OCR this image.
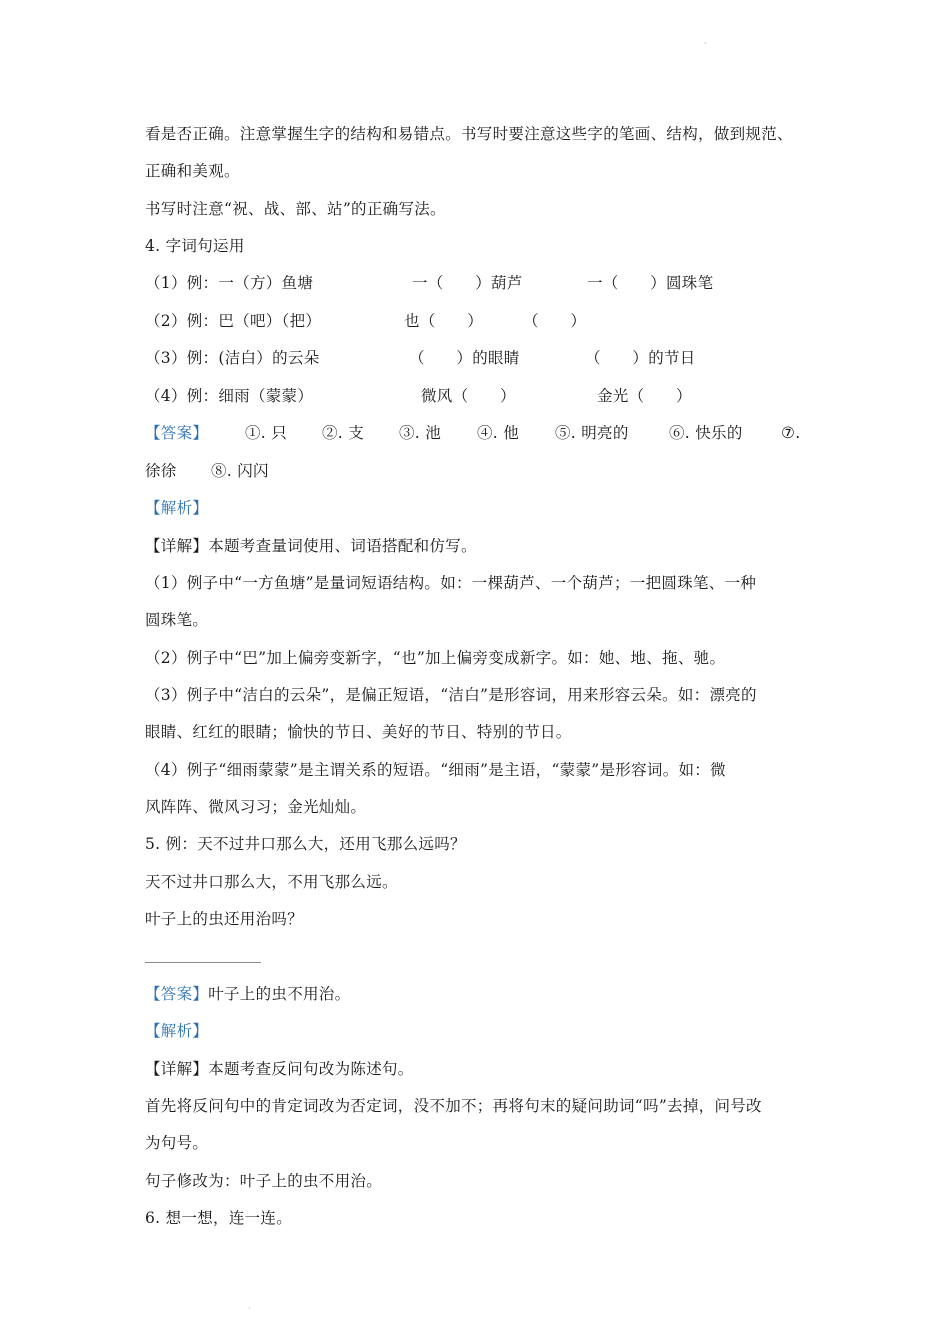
·
看是否正确。注意掌握生字的结构和易错点。书写时要注意这些字的笔画、结构，做到规范、
正确和美观。
书写时注意“祝、战、部、站”的正确写法。
4. 字词句运用
（1）例：一（方）鱼塘	一（　　）葫芦	一（　　）圆珠笔
（2）例：巴（吧）（把）	也（　　）	（　　）
（3）例：(洁白）的云朵	（　　）的眼睛	（　　）的节日
（4）例：细雨（蒙蒙）	微风（　　）	金光（　　）
【答案】 ①. 只 ②. 支 ③. 池 ④. 他 ⑤. 明亮的	⑥. 快乐的 ⑦.
徐徐 ⑧. 闪闪
【解析】
【详解】本题考查量词使用、词语搭配和仿写。
（1）例子中“一方鱼塘”是量词短语结构。如：一棵葫芦、一个葫芦；一把圆珠笔、一种
圆珠笔。
（2）例子中“巴”加上偏旁变新字，“也”加上偏旁变成新字。如：她、地、拖、驰。
（3）例子中“洁白的云朵”，是偏正短语，“洁白”是形容词，用来形容云朵。如：漂亮的
眼睛、红红的眼睛；愉快的节日、美好的节日、特别的节日。
（4）例子“细雨蒙蒙”是主谓关系的短语。“细雨”是主语，“蒙蒙”是形容词。如：微
风阵阵、微风习习；金光灿灿。
5. 例：天不过井口那么大，还用飞那么远吗？
天不过井口那么大，不用飞那么远。
叶子上的虫还用治吗？
【答案】叶子上的虫不用治。
【解析】
【详解】本题考查反问句改为陈述句。
首先将反问句中的肯定词改为否定词，没不加不；再将句末的疑问助词“吗”去掉，问号改
为句号。
句子修改为：叶子上的虫不用治。
6. 想一想，连一连。
·
